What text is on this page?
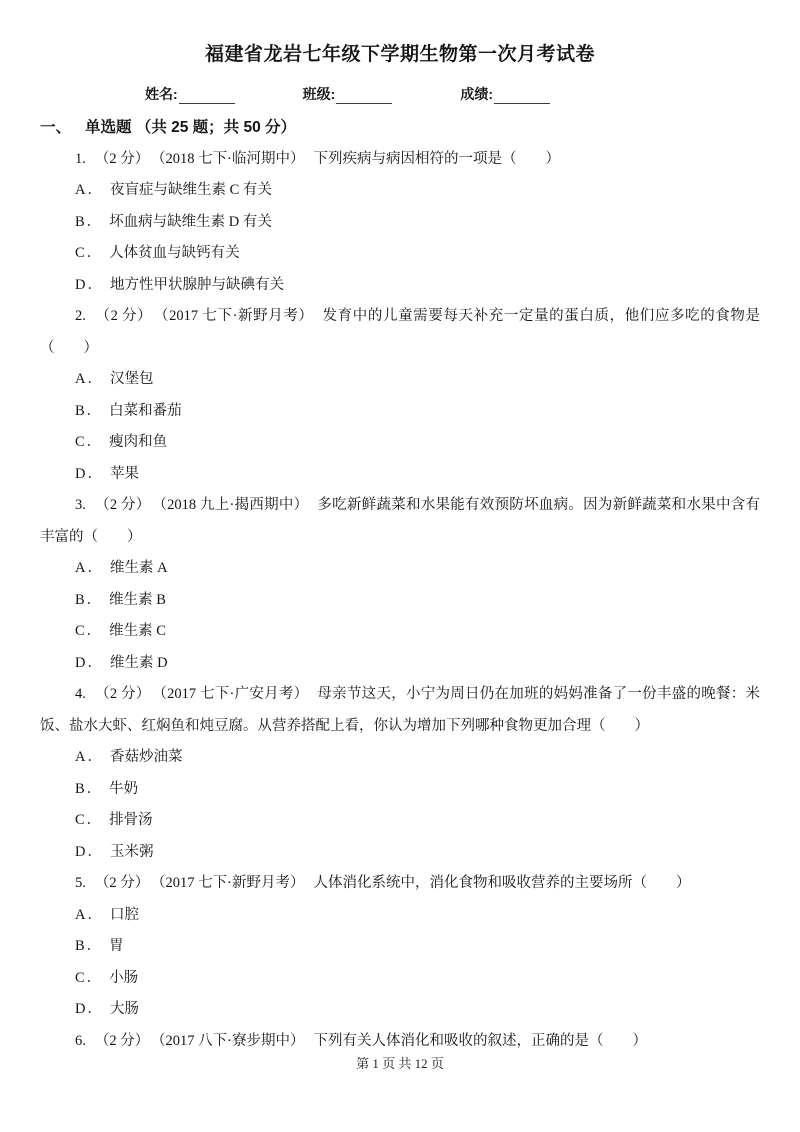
福建省龙岩七年级下学期生物第一次月考试卷
姓名:	班级:	成绩:
一、 单选题 （共 25 题；共 50 分）

1. （2 分） （2018 七下·临河期中） 下列疾病与病因相符的一项是（　　）

A． 夜盲症与缺维生素 C 有关

B． 坏血病与缺维生素 D 有关

C． 人体贫血与缺钙有关

D． 地方性甲状腺肿与缺碘有关

2. （2 分） （2017 七下·新野月考） 发育中的儿童需要每天补充一定量的蛋白质，他们应多吃的食物是（　　）

A． 汉堡包

B． 白菜和番茄

C． 瘦肉和鱼

D． 苹果

3. （2 分） （2018 九上·揭西期中） 多吃新鲜蔬菜和水果能有效预防坏血病。因为新鲜蔬菜和水果中含有丰富的（　　）

A． 维生素 A

B． 维生素 B

C． 维生素 C

D． 维生素 D

4. （2 分） （2017 七下·广安月考） 母亲节这天，小宁为周日仍在加班的妈妈准备了一份丰盛的晚餐：米饭、盐水大虾、红焖鱼和炖豆腐。从营养搭配上看，你认为增加下列哪种食物更加合理（　　）

A． 香菇炒油菜

B． 牛奶

C． 排骨汤

D． 玉米粥

5. （2 分） （2017 七下·新野月考） 人体消化系统中，消化食物和吸收营养的主要场所（　　）

A． 口腔

B． 胃

C． 小肠

D． 大肠

6. （2 分） （2017 八下·寮步期中） 下列有关人体消化和吸收的叙述，正确的是（　　）

第 1 页 共 12 页
